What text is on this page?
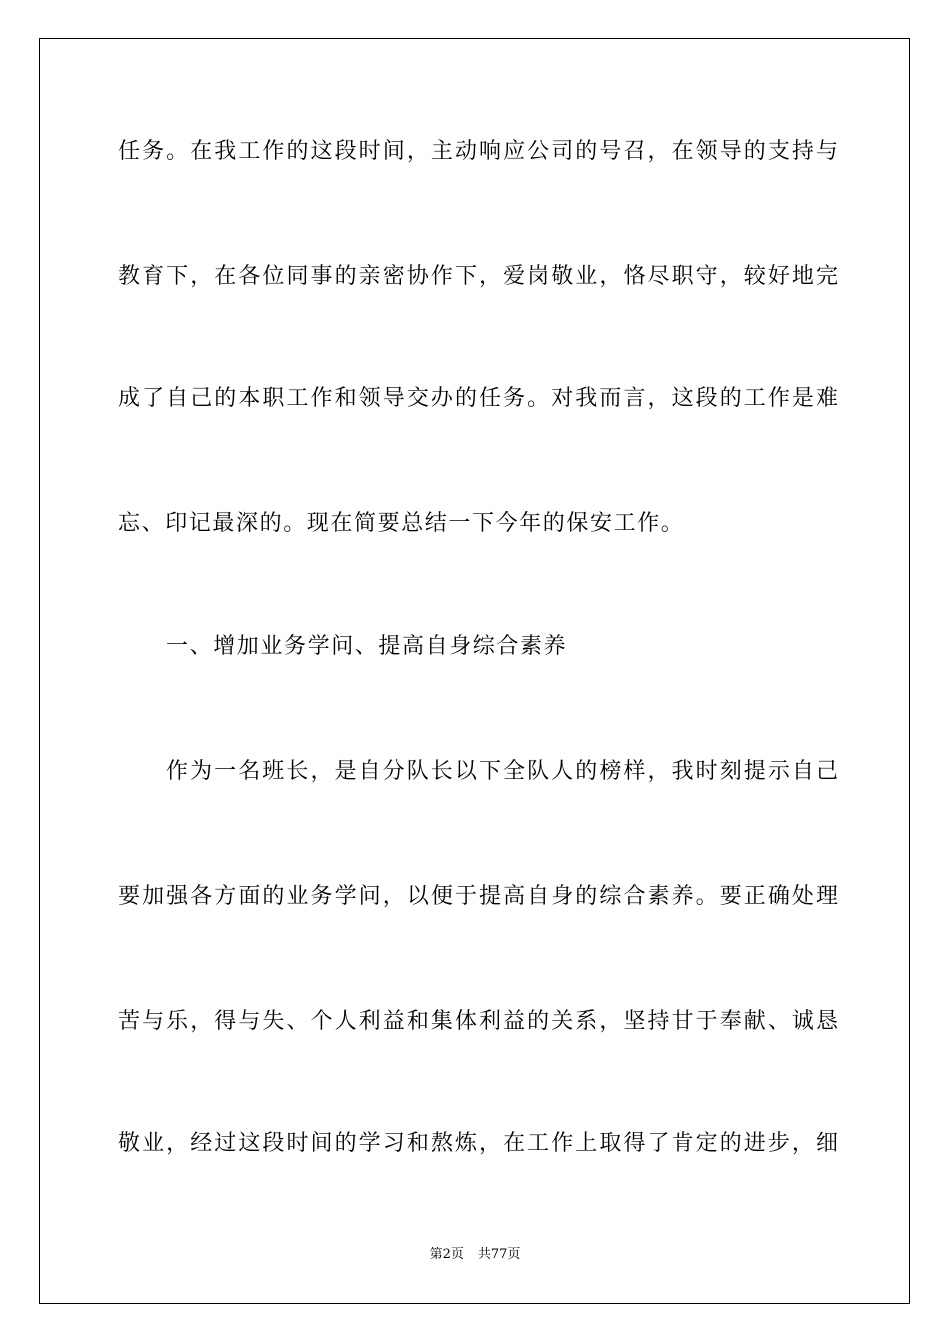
任务。在我工作的这段时间，主动响应公司的号召，在领导的支持与
教育下，在各位同事的亲密协作下，爱岗敬业，恪尽职守，较好地完
成了自己的本职工作和领导交办的任务。对我而言，这段的工作是难
忘、印记最深的。现在简要总结一下今年的保安工作。
一、增加业务学问、提高自身综合素养
作为一名班长，是自分队长以下全队人的榜样，我时刻提示自己
要加强各方面的业务学问，以便于提高自身的综合素养。要正确处理
苦与乐，得与失、个人利益和集体利益的关系，坚持甘于奉献、诚恳
敬业，经过这段时间的学习和熬炼，在工作上取得了肯定的进步，细
第2页 共77页
